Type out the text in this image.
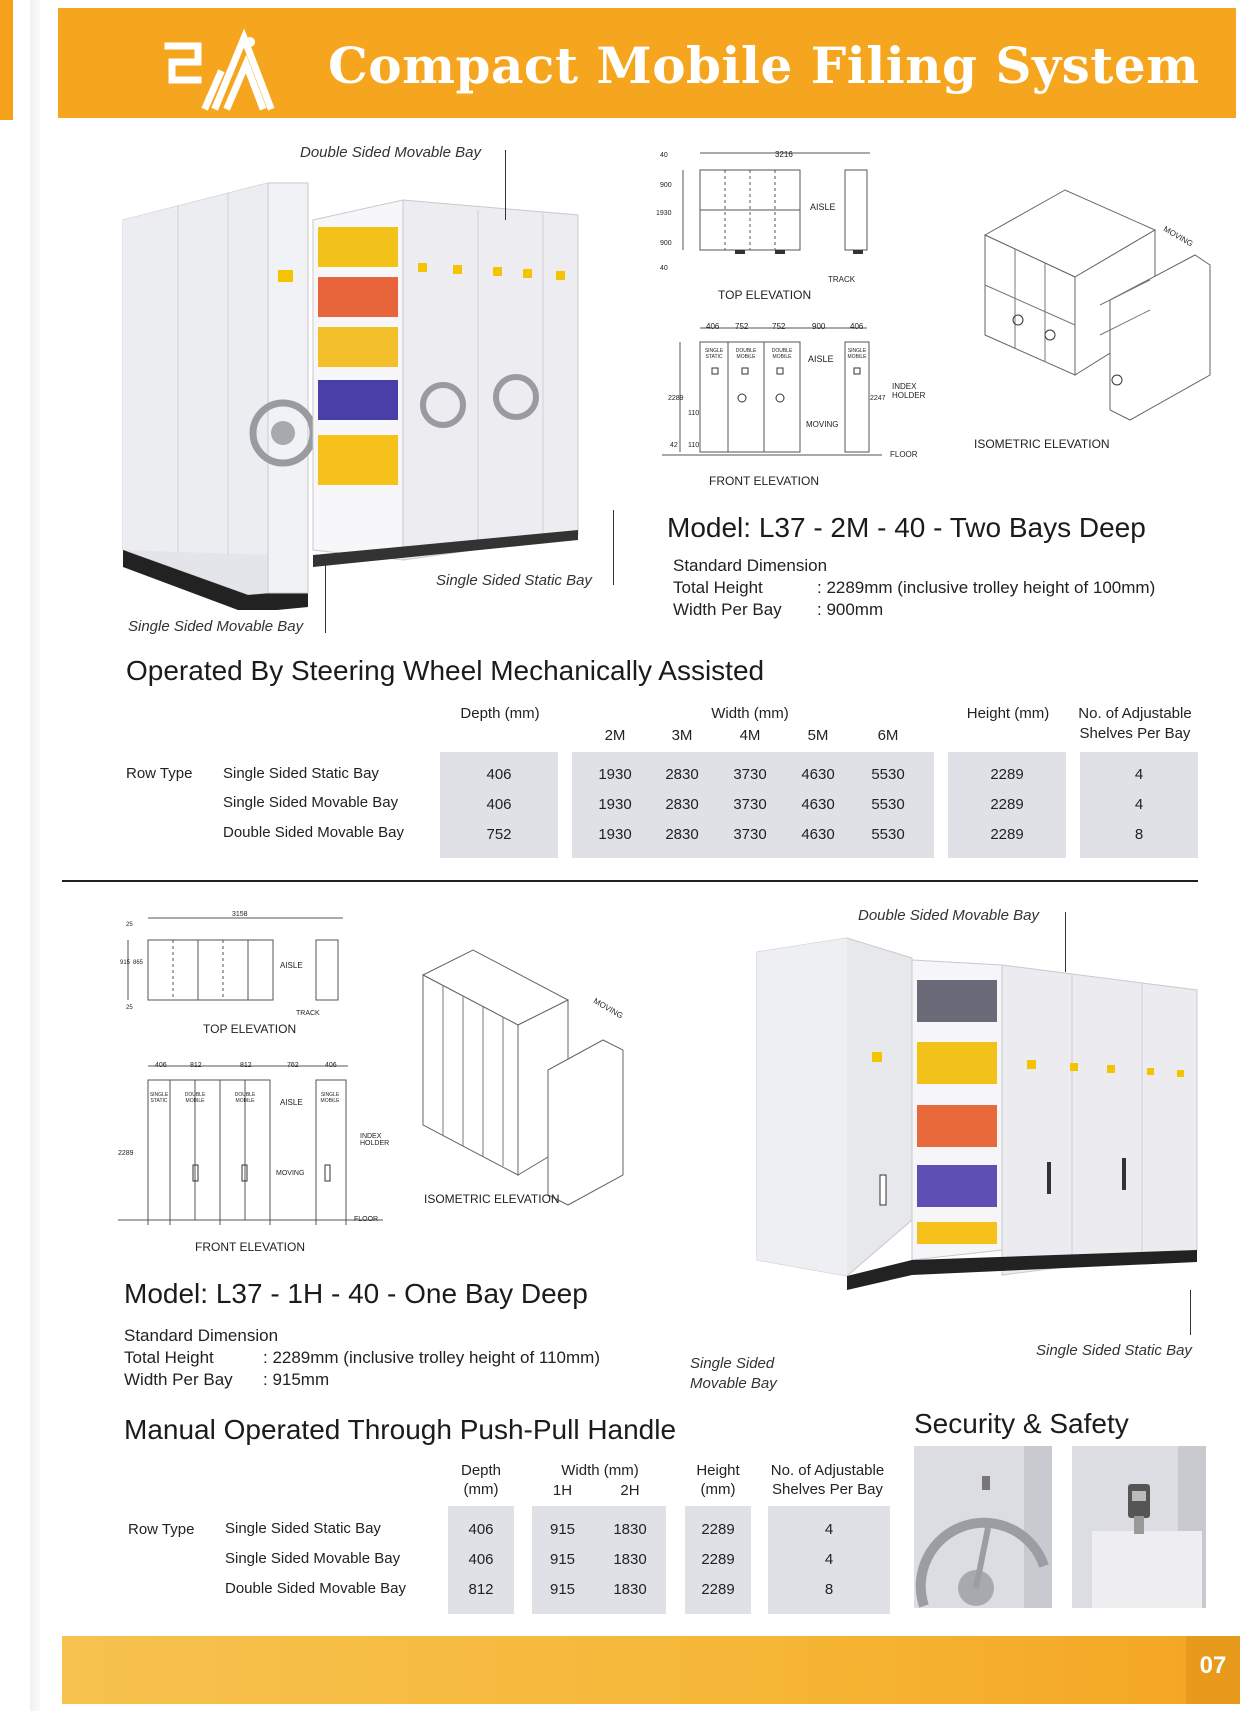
Compact Mobile Filing System
Double Sided Movable Bay
Single Sided Static Bay
Single Sided Movable Bay
3216
AISLE
TRACK
40
900
1930
900
40
TOP ELEVATION
406 752	752	900	406
SINGLE STATIC
DOUBLE MOBILE
DOUBLE MOBILE	AISLE
SINGLE MOBILE
INDEX HOLDER
MOVING
FLOOR
2289
110
42 110
2247
FRONT ELEVATION
MOVING
ISOMETRIC ELEVATION
Model: L37 - 2M - 40 - Two Bays Deep
Standard Dimension
Total Height	: 2289mm (inclusive trolley height of 100mm)
Width Per Bay : 900mm
Operated By Steering Wheel Mechanically Assisted
Depth (mm)	Width (mm)
2M	3M	4M	5M	6M
Height (mm)	No. of Adjustable
Shelves Per Bay
Row Type Single Sided Static Bay	406	1930	2830	3730	4630	5530	2289	4
Single Sided Movable Bay	406	1930	2830	3730	4630	5530	2289	4
Double Sided Movable Bay	752	1930	2830	3730	4630	5530	2289	8
3158
AISLE
TRACK
25
865
915
25
TOP ELEVATION
406	812	812	762	406
SINGLE STATIC
DOUBLE MOBILE
DOUBLE MOBILE	AISLE
SINGLE MOBILE
INDEX HOLDER
MOVING
FLOOR
2289
FRONT ELEVATION
MOVING
ISOMETRIC ELEVATION
Double Sided Movable Bay
Single Sided Static Bay
Single Sided
Movable Bay
Model: L37 - 1H - 40 - One Bay Deep
Standard Dimension
Total Height	: 2289mm (inclusive trolley height of 110mm)
Width Per Bay : 915mm
Manual Operated Through Push-Pull Handle
Depth
(mm)
Width (mm)
1H	2H
Height
(mm)
No. of Adjustable
Shelves Per Bay
Row Type Single Sided Static Bay	406	915	1830	2289	4
Single Sided Movable Bay	406	915	1830	2289	4
Double Sided Movable Bay	812	915	1830	2289	8
Security & Safety
07
